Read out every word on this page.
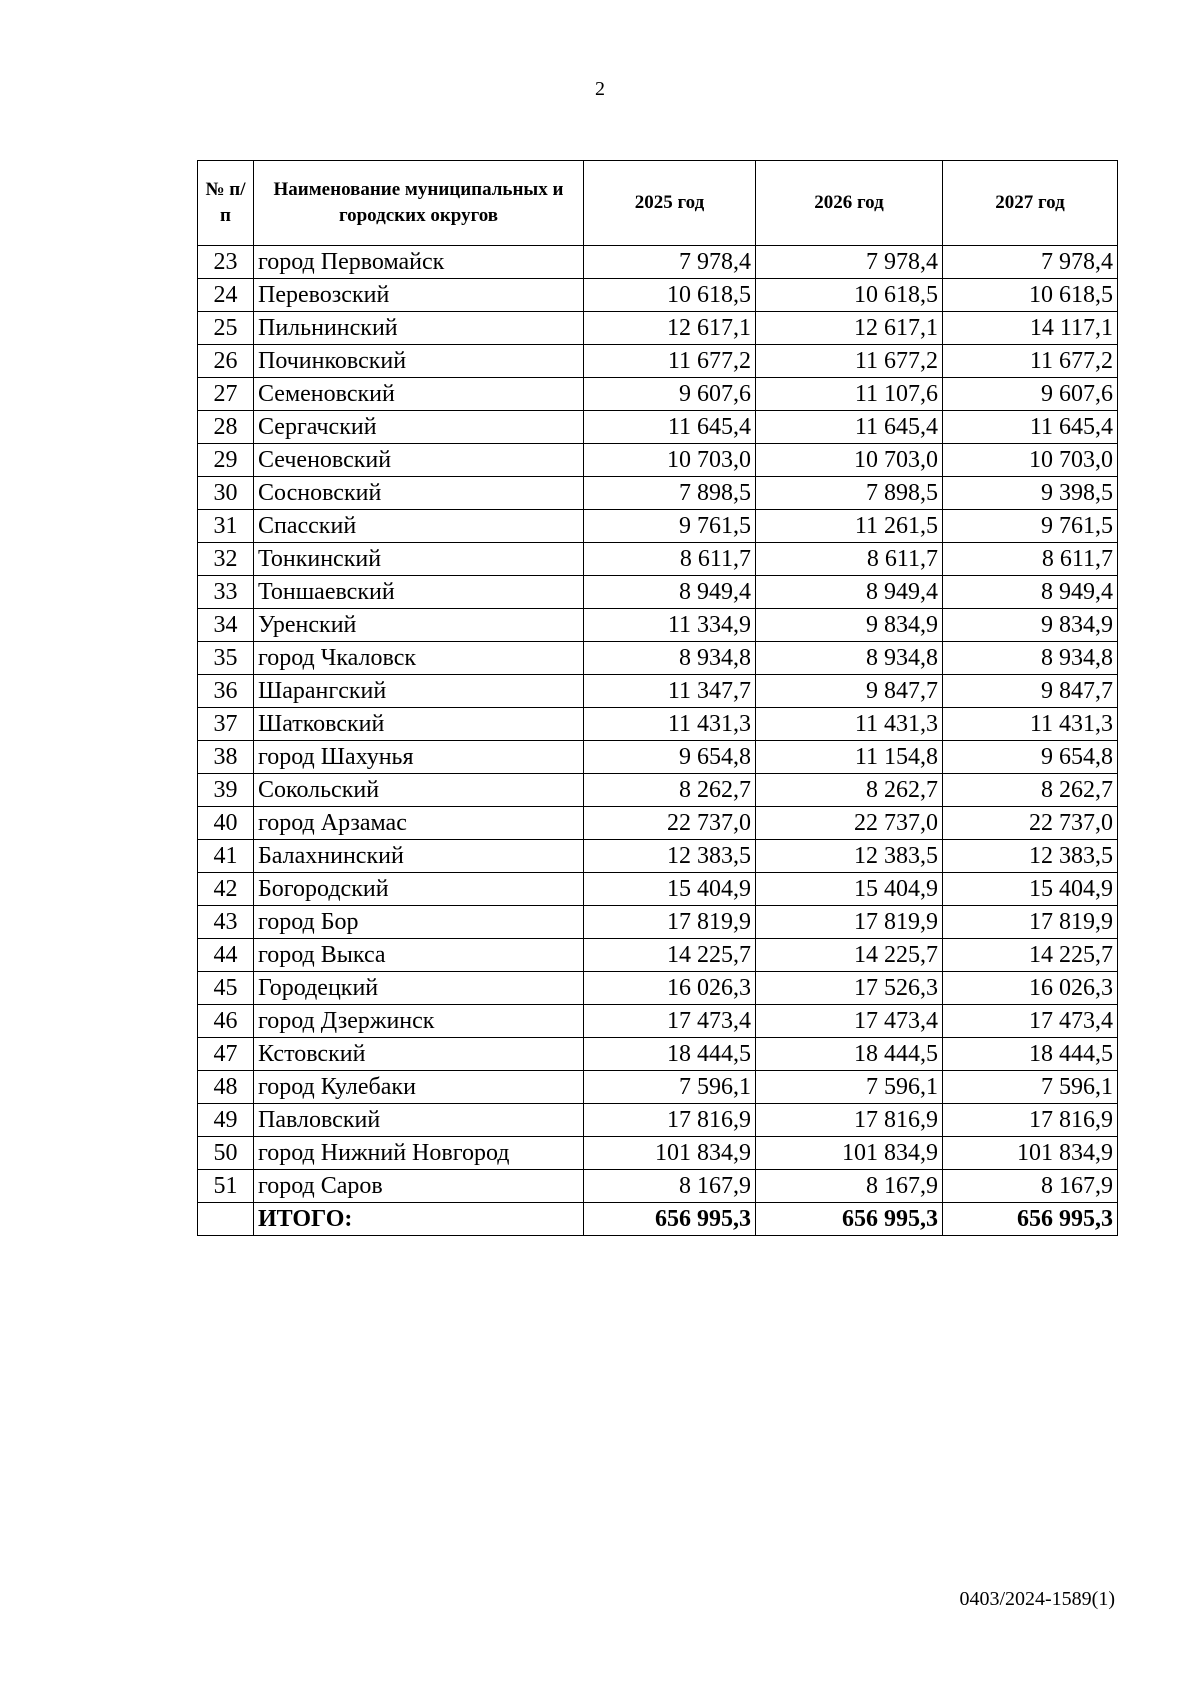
2
№ п/п	Наименование муниципальных и городских округов	2025 год	2026 год	2027 год
23	город Первомайск	7 978,4	7 978,4	7 978,4
24	Перевозский	10 618,5	10 618,5	10 618,5
25	Пильнинский	12 617,1	12 617,1	14 117,1
26	Починковский	11 677,2	11 677,2	11 677,2
27	Семеновский	9 607,6	11 107,6	9 607,6
28	Сергачский	11 645,4	11 645,4	11 645,4
29	Сеченовский	10 703,0	10 703,0	10 703,0
30	Сосновский	7 898,5	7 898,5	9 398,5
31	Спасский	9 761,5	11 261,5	9 761,5
32	Тонкинский	8 611,7	8 611,7	8 611,7
33	Тоншаевский	8 949,4	8 949,4	8 949,4
34	Уренский	11 334,9	9 834,9	9 834,9
35	город Чкаловск	8 934,8	8 934,8	8 934,8
36	Шарангский	11 347,7	9 847,7	9 847,7
37	Шатковский	11 431,3	11 431,3	11 431,3
38	город Шахунья	9 654,8	11 154,8	9 654,8
39	Сокольский	8 262,7	8 262,7	8 262,7
40	город Арзамас	22 737,0	22 737,0	22 737,0
41	Балахнинский	12 383,5	12 383,5	12 383,5
42	Богородский	15 404,9	15 404,9	15 404,9
43	город Бор	17 819,9	17 819,9	17 819,9
44	город Выкса	14 225,7	14 225,7	14 225,7
45	Городецкий	16 026,3	17 526,3	16 026,3
46	город Дзержинск	17 473,4	17 473,4	17 473,4
47	Кстовский	18 444,5	18 444,5	18 444,5
48	город Кулебаки	7 596,1	7 596,1	7 596,1
49	Павловский	17 816,9	17 816,9	17 816,9
50	город Нижний Новгород	101 834,9	101 834,9	101 834,9
51	город Саров	8 167,9	8 167,9	8 167,9
	ИТОГО:	656 995,3	656 995,3	656 995,3
0403/2024-1589(1)
